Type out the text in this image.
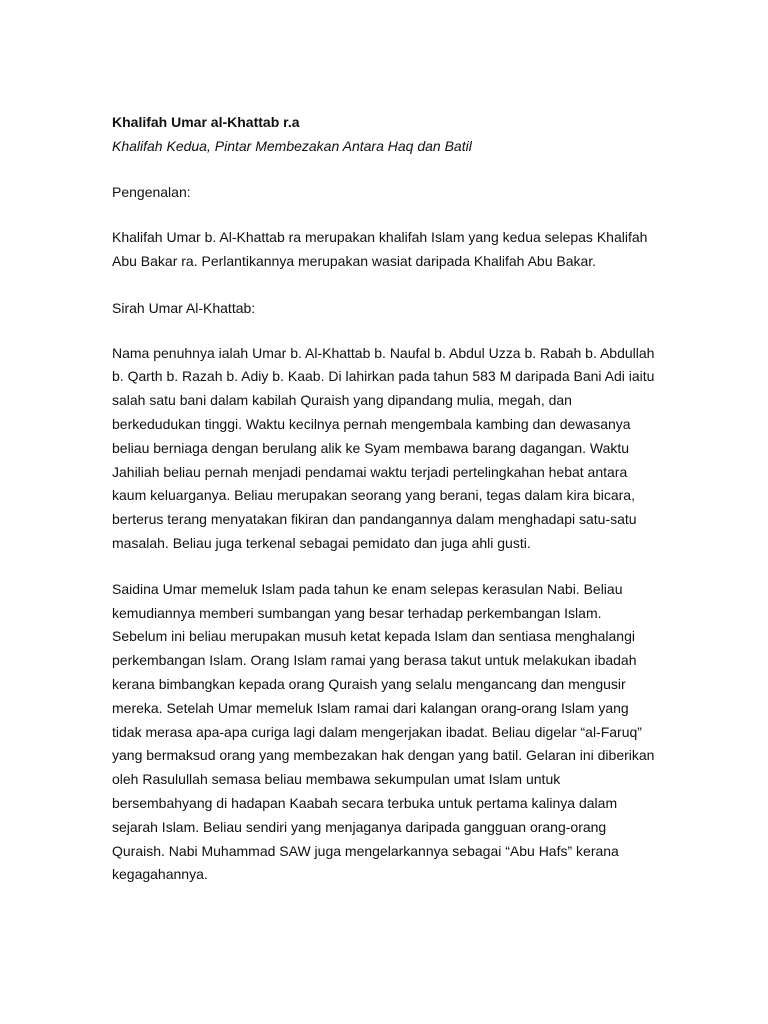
Khalifah Umar al-Khattab r.a

Khalifah Kedua, Pintar Membezakan Antara Haq dan Batil

Pengenalan:

Khalifah Umar b. Al-Khattab ra merupakan khalifah Islam yang kedua selepas Khalifah Abu Bakar ra. Perlantikannya merupakan wasiat daripada Khalifah Abu Bakar.

Sirah Umar Al-Khattab:

Nama penuhnya ialah Umar b. Al-Khattab b. Naufal b. Abdul Uzza b. Rabah b. Abdullah b. Qarth b. Razah b. Adiy b. Kaab. Di lahirkan pada tahun 583 M daripada Bani Adi iaitu salah satu bani dalam kabilah Quraish yang dipandang mulia, megah, dan berkedudukan tinggi. Waktu kecilnya pernah mengembala kambing dan dewasanya beliau berniaga dengan berulang alik ke Syam membawa barang dagangan. Waktu Jahiliah beliau pernah menjadi pendamai waktu terjadi pertelingkahan hebat antara kaum keluarganya. Beliau merupakan seorang yang berani, tegas dalam kira bicara, berterus terang menyatakan fikiran dan pandangannya dalam menghadapi satu-satu masalah. Beliau juga terkenal sebagai pemidato dan juga ahli gusti.

Saidina Umar memeluk Islam pada tahun ke enam selepas kerasulan Nabi. Beliau kemudiannya memberi sumbangan yang besar terhadap perkembangan Islam. Sebelum ini beliau merupakan musuh ketat kepada Islam dan sentiasa menghalangi perkembangan Islam. Orang Islam ramai yang berasa takut untuk melakukan ibadah kerana bimbangkan kepada orang Quraish yang selalu mengancang dan mengusir mereka. Setelah Umar memeluk Islam ramai dari kalangan orang-orang Islam yang tidak merasa apa-apa curiga lagi dalam mengerjakan ibadat. Beliau digelar “al-Faruq” yang bermaksud orang yang membezakan hak dengan yang batil. Gelaran ini diberikan oleh Rasulullah semasa beliau membawa sekumpulan umat Islam untuk bersembahyang di hadapan Kaabah secara terbuka untuk pertama kalinya dalam sejarah Islam. Beliau sendiri yang menjaganya daripada gangguan orang-orang Quraish. Nabi Muhammad SAW juga mengelarkannya sebagai “Abu Hafs” kerana kegagahannya.
